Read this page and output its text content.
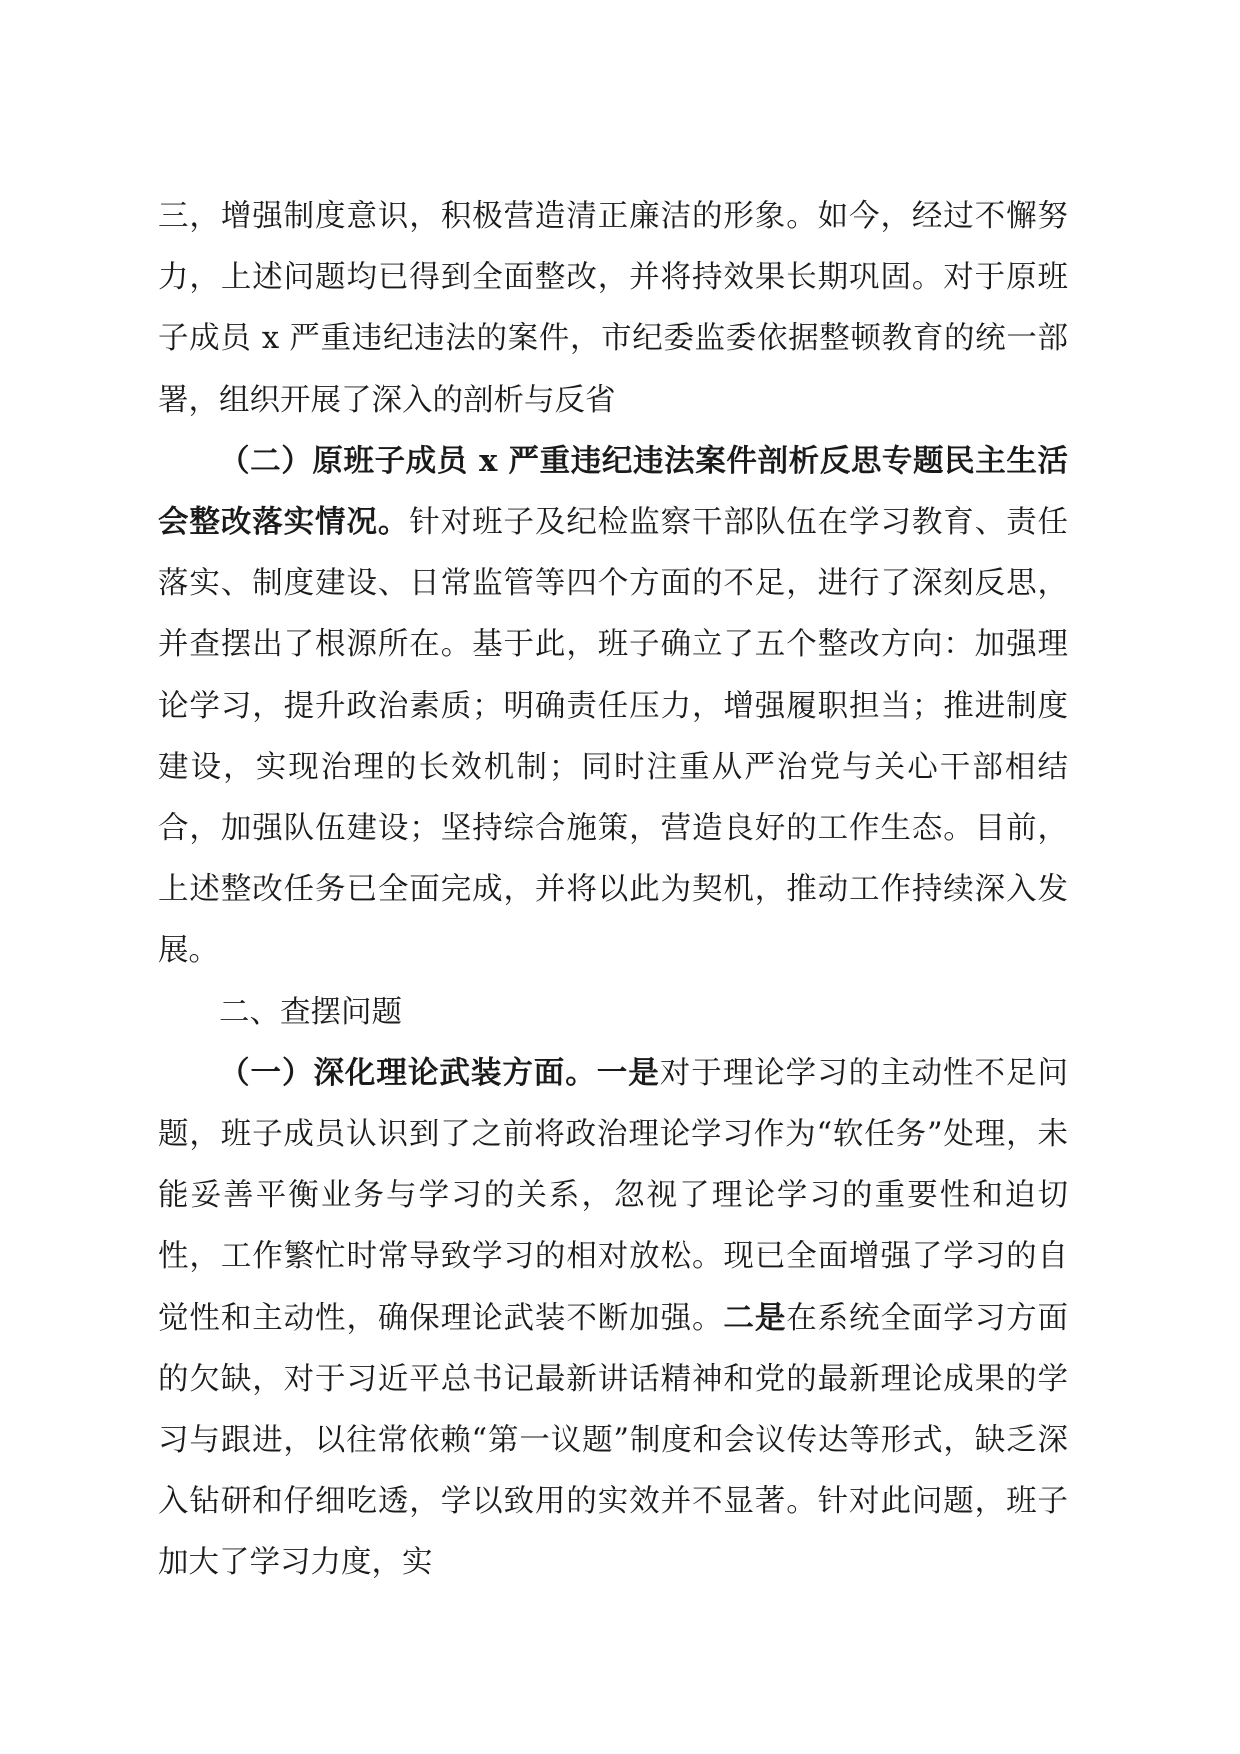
三，增强制度意识，积极营造清正廉洁的形象。如今，经过不懈努力，上述问题均已得到全面整改，并将持效果长期巩固。对于原班子成员 x 严重违纪违法的案件，市纪委监委依据整顿教育的统一部署，组织开展了深入的剖析与反省

（二）原班子成员 x 严重违纪违法案件剖析反思专题民主生活会整改落实情况。针对班子及纪检监察干部队伍在学习教育、责任落实、制度建设、日常监管等四个方面的不足，进行了深刻反思，并查摆出了根源所在。基于此，班子确立了五个整改方向：加强理论学习，提升政治素质；明确责任压力，增强履职担当；推进制度建设，实现治理的长效机制；同时注重从严治党与关心干部相结合，加强队伍建设；坚持综合施策，营造良好的工作生态。目前，上述整改任务已全面完成，并将以此为契机，推动工作持续深入发展。

二、查摆问题

（一）深化理论武装方面。一是对于理论学习的主动性不足问题，班子成员认识到了之前将政治理论学习作为“软任务”处理，未能妥善平衡业务与学习的关系，忽视了理论学习的重要性和迫切性，工作繁忙时常导致学习的相对放松。现已全面增强了学习的自觉性和主动性，确保理论武装不断加强。二是在系统全面学习方面的欠缺，对于习近平总书记最新讲话精神和党的最新理论成果的学习与跟进，以往常依赖“第一议题”制度和会议传达等形式，缺乏深入钻研和仔细吃透，学以致用的实效并不显著。针对此问题，班子加大了学习力度，实
